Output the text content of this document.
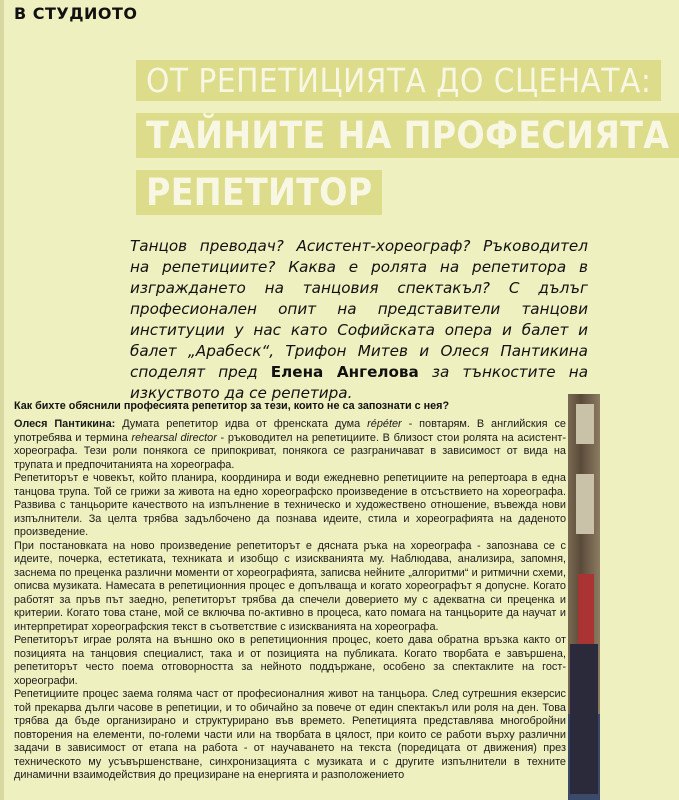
В СТУДИОТО
ОТ РЕПЕТИЦИЯТА ДО СЦЕНАТА:
ТАЙНИТЕ НА ПРОФЕСИЯТА
РЕПЕТИТОР
Танцов преводач? Асистент-хореограф? Ръководител на репетициите? Каква е ролята на репетитора в изграждането на танцовия спектакъл? С дълъг професионален опит на представители танцови институции у нас като Софийската опера и балет и балет „Арабеск“, Трифон Митев и Олеся Пантикина споделят пред Елена Ангелова за тънкостите на изкуството да се репетира.
Как бихте обяснили професията репетитор за тези, които не са запознати с нея?

Олеся Пантикина: Думата репетитор идва от френската дума répéter - повтарям. В английския се употребява и термина rehearsal director - ръководител на репетициите. В близост стои ролята на асистент-хореографа. Тези роли понякога се припокриват, понякога се разграничават в зависимост от вида на трупата и предпочитанията на хореографа.

Репетиторът е човекът, който планира, координира и води ежедневно репетициите на репертоара в една танцова трупа. Той се грижи за живота на едно хореографско произведение в отсъствието на хореографа. Развива с танцьорите качеството на изпълнение в техническо и художествено отношение, въвежда нови изпълнители. За целта трябва задълбочено да познава идеите, стила и хореографията на даденото произведение.

При постановката на ново произведение репетиторът е дясната ръка на хореографа - запознава се с идеите, почерка, естетиката, техниката и изобщо с изискванията му. Наблюдава, анализира, запомня, заснема по преценка различни моменти от хореографията, записва нейните „алгоритми“ и ритмични схеми, описва музиката. Намесата в репетиционния процес е допълваща и когато хореографът я допусне. Когато работят за пръв път заедно, репетиторът трябва да спечели доверието му с адекватна си преценка и критерии. Когато това стане, мой се включва по-активно в процеса, като помага на танцьорите да научат и интерпретират хореографския текст в съответствие с изискванията на хореографа.

Репетиторът играе ролята на външно око в репетиционния процес, което дава обратна връзка както от позицията на танцовия специалист, така и от позицията на публиката. Когато творбата е завършена, репетиторът често поема отговорността за нейното поддържане, особено за спектаклите на гост-хореографи.

Репетициите процес заема голяма част от професионалния живот на танцьора. След сутрешния екзерсис той прекарва дълги часове в репетиции, и то обичайно за повече от един спектакъл или роля на ден. Това трябва да бъде организирано и структурирано във времето. Репетицията представлява многобройни повторения на елементи, по-големи части или на творбата в цялост, при които се работи върху различни задачи в зависимост от етапа на работа - от научаването на текста (поредицата от движения) през техническото му усъвършенстване, синхронизацията с музиката и с другите изпълнители в техните динамични взаимодействия до прецизиране на енергията и разположението
